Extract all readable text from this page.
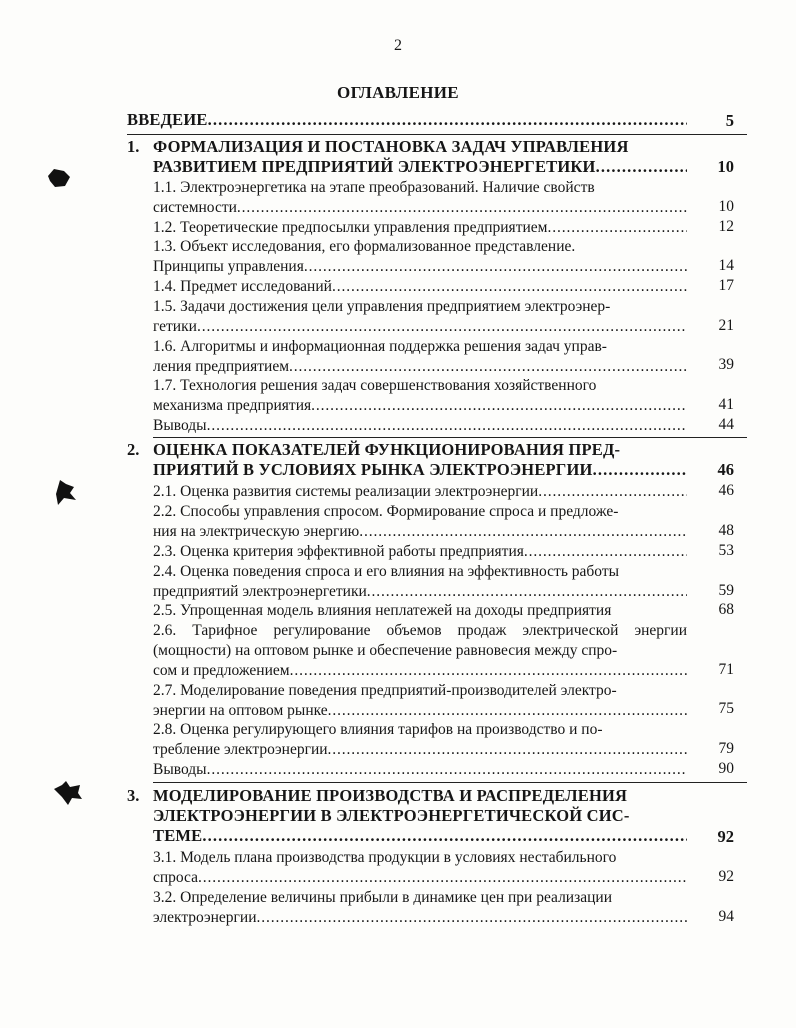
2
ОГЛАВЛЕНИЕ
ВВЕДЕИЕ . . .	5
1. ФОРМАЛИЗАЦИЯ И ПОСТАНОВКА ЗАДАЧ УПРАВЛЕНИЯ
РАЗВИТИЕМ ПРЕДПРИЯТИЙ ЭЛЕКТРОЭНЕРГЕТИКИ . . .	10
1.1. Электроэнергетика на этапе преобразований. Наличие свойств
системности . . .	10
1.2. Теоретические предпосылки управления предприятием . . .	12
1.3. Объект исследования, его формализованное представление.
Принципы управления . . .	14
1.4. Предмет исследований . . .	17
1.5. Задачи достижения цели управления предприятием электроэнер-
гетики . . .	21
1.6. Алгоритмы и информационная поддержка решения задач управ-
ления предприятием . . .	39
1.7. Технология решения задач совершенствования хозяйственного
механизма предприятия . . .	41
Выводы . . .	44
2. ОЦЕНКА ПОКАЗАТЕЛЕЙ ФУНКЦИОНИРОВАНИЯ ПРЕД-
ПРИЯТИЙ В УСЛОВИЯХ РЫНКА ЭЛЕКТРОЭНЕРГИИ . . .	46
2.1. Оценка развития системы реализации электроэнергии . . .	46
2.2. Способы управления спросом. Формирование спроса и предложе-
ния на электрическую энергию . . .	48
2.3. Оценка критерия эффективной работы предприятия . . .	53
2.4. Оценка поведения спроса и его влияния на эффективность работы
предприятий электроэнергетики . . .	59
2.5. Упрощенная модель влияния неплатежей на доходы предприятия	68
2.6. Тарифное регулирование объемов продаж электрической энергии (мощности) на оптовом рынке и обеспечение равновесия между спро-
сом и предложением . . .	71
2.7. Моделирование поведения предприятий-производителей электро-
энергии на оптовом рынке . . .	75
2.8. Оценка регулирующего влияния тарифов на производство и по-
требление электроэнергии . . .	79
Выводы . . .	90
3. МОДЕЛИРОВАНИЕ ПРОИЗВОДСТВА И РАСПРЕДЕЛЕНИЯ
ЭЛЕКТРОЭНЕРГИИ В ЭЛЕКТРОЭНЕРГЕТИЧЕСКОЙ СИС-
ТЕМЕ . . .	92
3.1. Модель плана производства продукции в условиях нестабильного
спроса . . .	92
3.2. Определение величины прибыли в динамике цен при реализации
электроэнергии . . .	94
